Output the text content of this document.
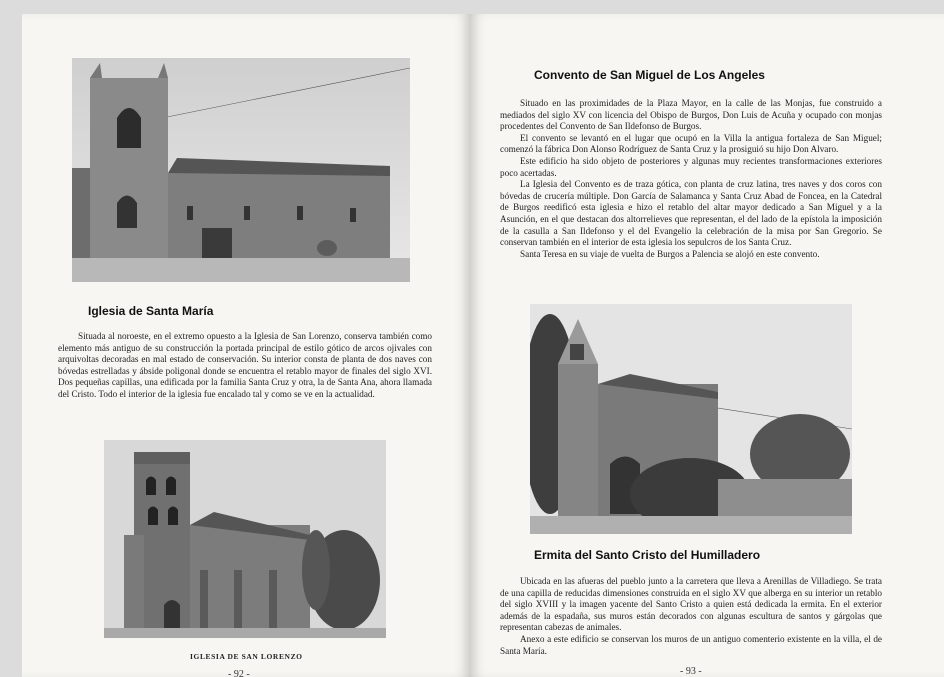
Iglesia de Santa María

Situada al noroeste, en el extremo opuesto a la Iglesia de San Lorenzo, conserva también como elemento más antiguo de su construcción la portada principal de estilo gótico de arcos ojivales con arquivoltas decoradas en mal estado de conservación. Su interior consta de planta de dos naves con bóvedas estrelladas y ábside poligonal donde se encuentra el retablo mayor de finales del siglo XVI. Dos pequeñas capillas, una edificada por la familia Santa Cruz y otra, la de Santa Ana, ahora llamada del Cristo. Todo el interior de la iglesia fue encalado tal y como se ve en la actualidad.

IGLESIA DE SAN LORENZO
- 92 -
Convento de San Miguel de Los Angeles

Situado en las proximidades de la Plaza Mayor, en la calle de las Monjas, fue construido a mediados del siglo XV con licencia del Obispo de Burgos, Don Luis de Acuña y ocupado con monjas procedentes del Convento de San Ildefonso de Burgos.

El convento se levantó en el lugar que ocupó en la Villa la antigua fortaleza de San Miguel; comenzó la fábrica Don Alonso Rodríguez de Santa Cruz y la prosiguió su hijo Don Alvaro.

Este edificio ha sido objeto de posteriores y algunas muy recientes transformaciones exteriores poco acertadas.

La Iglesia del Convento es de traza gótica, con planta de cruz latina, tres naves y dos coros con bóvedas de crucería múltiple. Don García de Salamanca y Santa Cruz Abad de Foncea, en la Catedral de Burgos reedificó esta iglesia e hizo el retablo del altar mayor dedicado a San Miguel y a la Asunción, en el que destacan dos altorrelieves que representan, el del lado de la epístola la imposición de la casulla a San Ildefonso y el del Evangelio la celebración de la misa por San Gregorio. Se conservan también en el interior de esta iglesia los sepulcros de los Santa Cruz.

Santa Teresa en su viaje de vuelta de Burgos a Palencia se alojó en este convento.

Ermita del Santo Cristo del Humilladero

Ubicada en las afueras del pueblo junto a la carretera que lleva a Arenillas de Villadiego. Se trata de una capilla de reducidas dimensiones construida en el siglo XV que alberga en su interior un retablo del siglo XVIII y la imagen yacente del Santo Cristo a quien está dedicada la ermita. En el exterior además de la espadaña, sus muros están decorados con algunas escultura de santos y gárgolas que representan cabezas de animales.

Anexo a este edificio se conservan los muros de un antiguo comenterio existente en la villa, el de Santa María.

- 93 -
